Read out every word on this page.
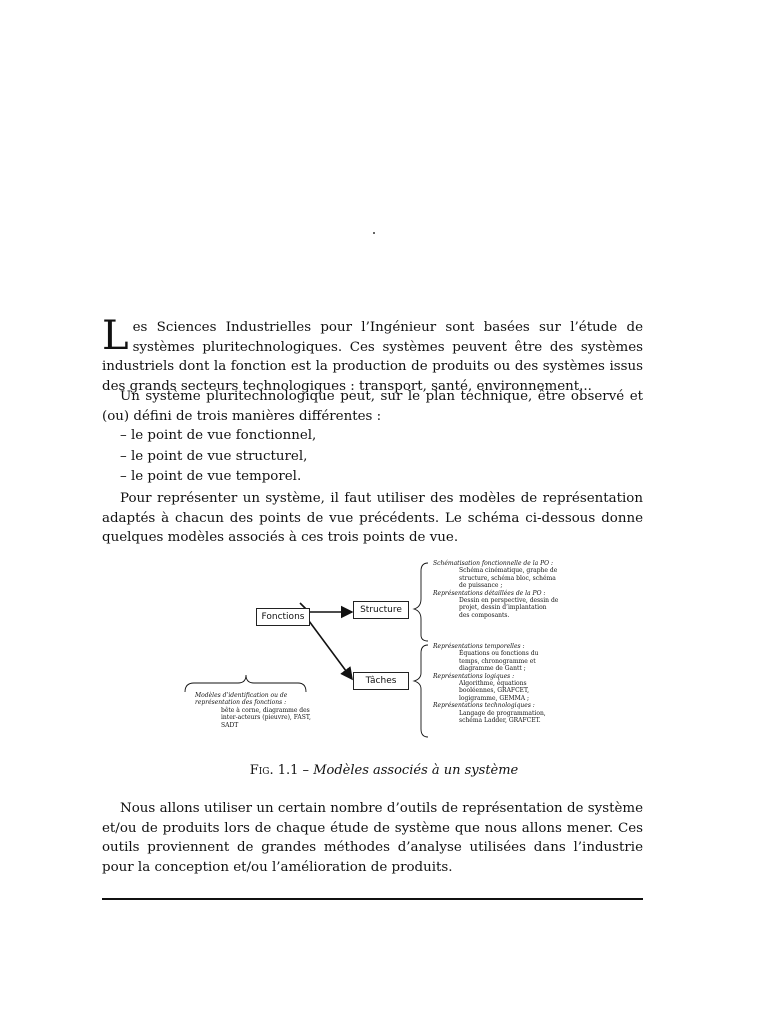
Les Sciences Industrielles pour l’Ingénieur sont basées sur l’étude de systèmes pluritechnologiques. Ces systèmes peuvent être des systèmes industriels dont la fonction est la production de produits ou des systèmes issus des grands secteurs technologiques : transport, santé, environnement...
Un système pluritechnologique peut, sur le plan technique, être observé et (ou) défini de trois manières différentes :
– le point de vue fonctionnel,
– le point de vue structurel,
– le point de vue temporel.
Pour représenter un système, il faut utiliser des modèles de représentation adaptés à chacun des points de vue précédents. Le schéma ci-dessous donne quelques modèles associés à ces trois points de vue.
Fonctions
Structure
Tâches
Schématisation fonctionnelle de la PO :
Schéma cinématique, graphe de
structure, schéma bloc, schéma
de puissance ;
Représentations détaillées de la PO :
Dessin en perspective, dessin de
projet, dessin d’implantation
des composants.
Représentations temporelles :
Équations ou fonctions du
temps, chronogramme et
diagramme de Gantt ;
Représentations logiques :
Algorithme, équations
booléennes, GRAFCET,
logigramme, GEMMA ;
Représentations technologiques :
Langage de programmation,
schéma Ladder, GRAFCET.
Modèles d’identification ou de
représentation des fonctions :
bête à corne, diagramme des
inter-acteurs (pieuvre), FAST,
SADT
Fig. 1.1 – Modèles associés à un système
Nous allons utiliser un certain nombre d’outils de représentation de système et/ou de produits lors de chaque étude de système que nous allons mener. Ces outils proviennent de grandes méthodes d’analyse utilisées dans l’industrie pour la conception et/ou l’amélioration de produits.
